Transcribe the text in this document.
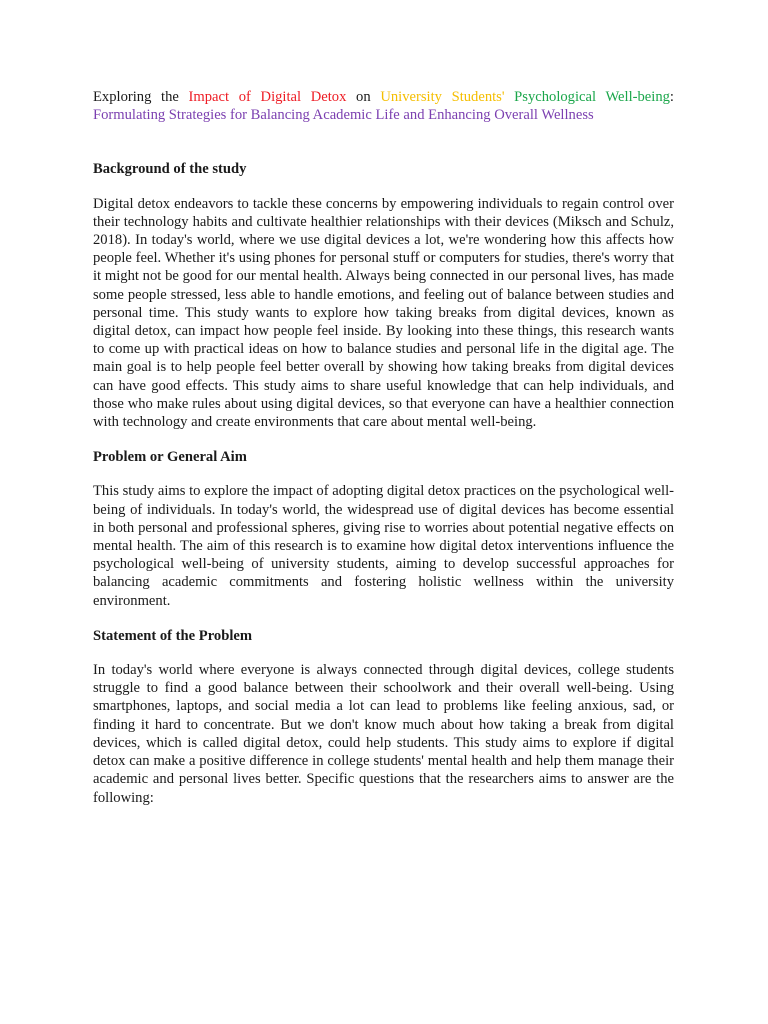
Exploring the Impact of Digital Detox on University Students' Psychological Well-being: Formulating Strategies for Balancing Academic Life and Enhancing Overall Wellness

Background of the study

Digital detox endeavors to tackle these concerns by empowering individuals to regain control over their technology habits and cultivate healthier relationships with their devices (Miksch and Schulz, 2018). In today's world, where we use digital devices a lot, we're wondering how this affects how people feel. Whether it's using phones for personal stuff or computers for studies, there's worry that it might not be good for our mental health. Always being connected in our personal lives, has made some people stressed, less able to handle emotions, and feeling out of balance between studies and personal time. This study wants to explore how taking breaks from digital devices, known as digital detox, can impact how people feel inside. By looking into these things, this research wants to come up with practical ideas on how to balance studies and personal life in the digital age. The main goal is to help people feel better overall by showing how taking breaks from digital devices can have good effects. This study aims to share useful knowledge that can help individuals, and those who make rules about using digital devices, so that everyone can have a healthier connection with technology and create environments that care about mental well-being.

Problem or General Aim

This study aims to explore the impact of adopting digital detox practices on the psychological well-being of individuals. In today's world, the widespread use of digital devices has become essential in both personal and professional spheres, giving rise to worries about potential negative effects on mental health. The aim of this research is to examine how digital detox interventions influence the psychological well-being of university students, aiming to develop successful approaches for balancing academic commitments and fostering holistic wellness within the university environment.

Statement of the Problem

In today's world where everyone is always connected through digital devices, college students struggle to find a good balance between their schoolwork and their overall well-being. Using smartphones, laptops, and social media a lot can lead to problems like feeling anxious, sad, or finding it hard to concentrate. But we don't know much about how taking a break from digital devices, which is called digital detox, could help students. This study aims to explore if digital detox can make a positive difference in college students' mental health and help them manage their academic and personal lives better. Specific questions that the researchers aims to answer are the following:
